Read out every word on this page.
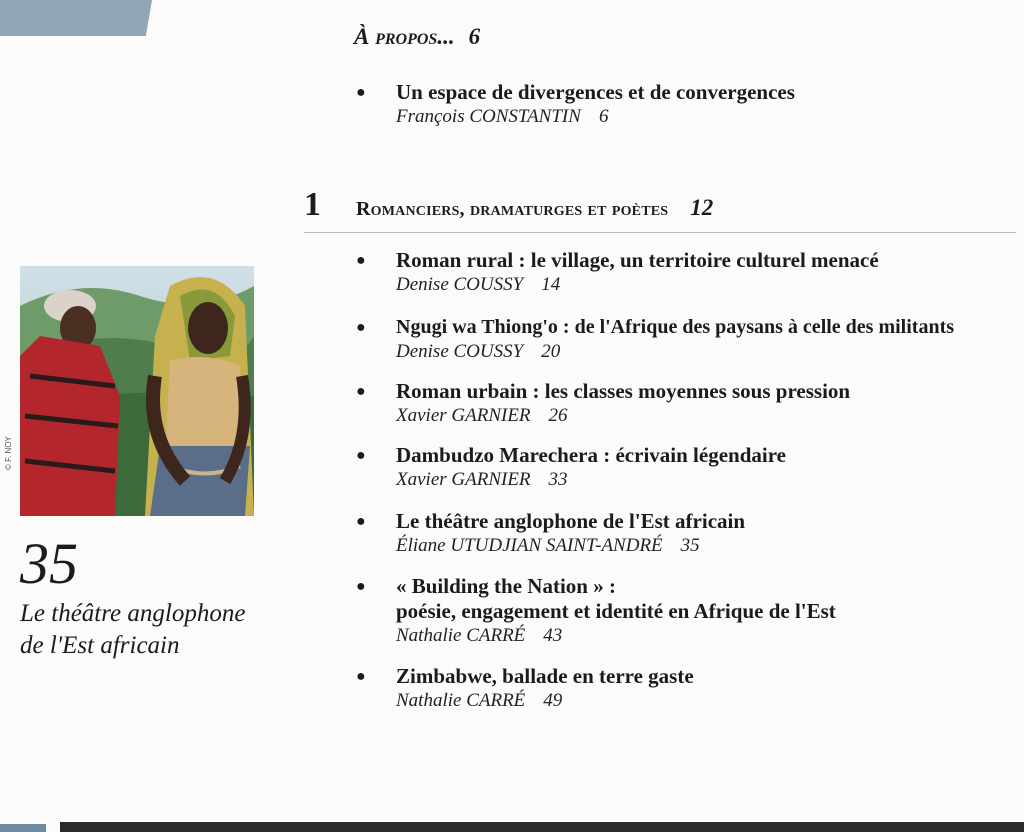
À propos... 6
● Un espace de divergences et de convergences
François CONSTANTIN 6
1	Romanciers, dramaturges et poètes 12
● Roman rural : le village, un territoire culturel menacé
Denise COUSSY 14
● Ngugi wa Thiong'o : de l'Afrique des paysans à celle des militants
Denise COUSSY 20
● Roman urbain : les classes moyennes sous pression
Xavier GARNIER 26
● Dambudzo Marechera : écrivain légendaire
Xavier GARNIER 33
● Le théâtre anglophone de l'Est africain
Éliane UTUDJIAN SAINT-ANDRÉ 35
● « Building the Nation » :
poésie, engagement et identité en Afrique de l'Est
Nathalie CARRÉ 43
● Zimbabwe, ballade en terre gaste
Nathalie CARRÉ 49
© F. NOY
35
Le théâtre anglophone
de l'Est africain
